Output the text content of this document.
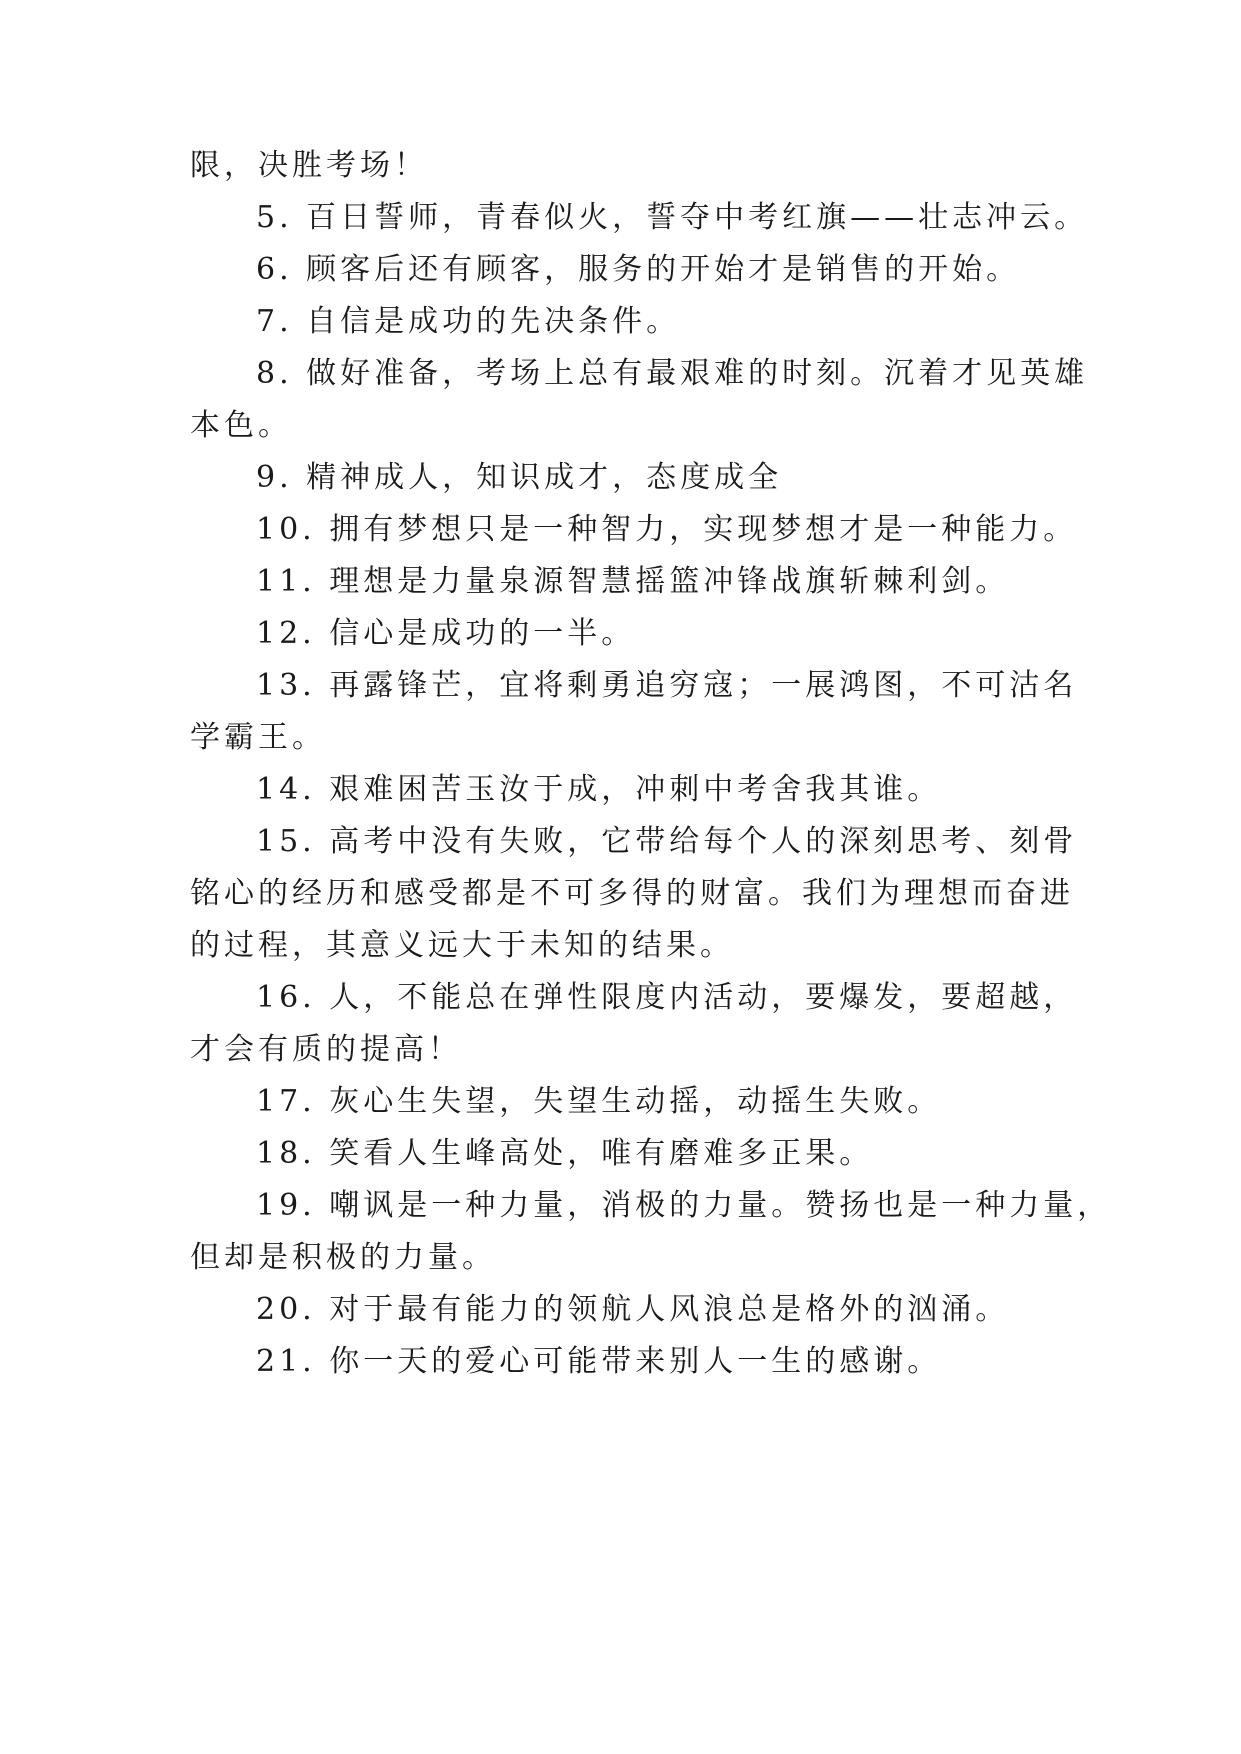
限，决胜考场！
5. 百日誓师，青春似火，誓夺中考红旗——壮志冲云。
6. 顾客后还有顾客，服务的开始才是销售的开始。
7. 自信是成功的先决条件。
8. 做好准备，考场上总有最艰难的时刻。沉着才见英雄
本色。
9. 精神成人，知识成才，态度成全
10. 拥有梦想只是一种智力，实现梦想才是一种能力。
11. 理想是力量泉源智慧摇篮冲锋战旗斩棘利剑。
12. 信心是成功的一半。
13. 再露锋芒，宜将剩勇追穷寇；一展鸿图，不可沽名
学霸王。
14. 艰难困苦玉汝于成，冲刺中考舍我其谁。
15. 高考中没有失败，它带给每个人的深刻思考、刻骨
铭心的经历和感受都是不可多得的财富。我们为理想而奋进
的过程，其意义远大于未知的结果。
16. 人，不能总在弹性限度内活动，要爆发，要超越，
才会有质的提高！
17. 灰心生失望，失望生动摇，动摇生失败。
18. 笑看人生峰高处，唯有磨难多正果。
19. 嘲讽是一种力量，消极的力量。赞扬也是一种力量，
但却是积极的力量。
20. 对于最有能力的领航人风浪总是格外的汹涌。
21. 你一天的爱心可能带来别人一生的感谢。
